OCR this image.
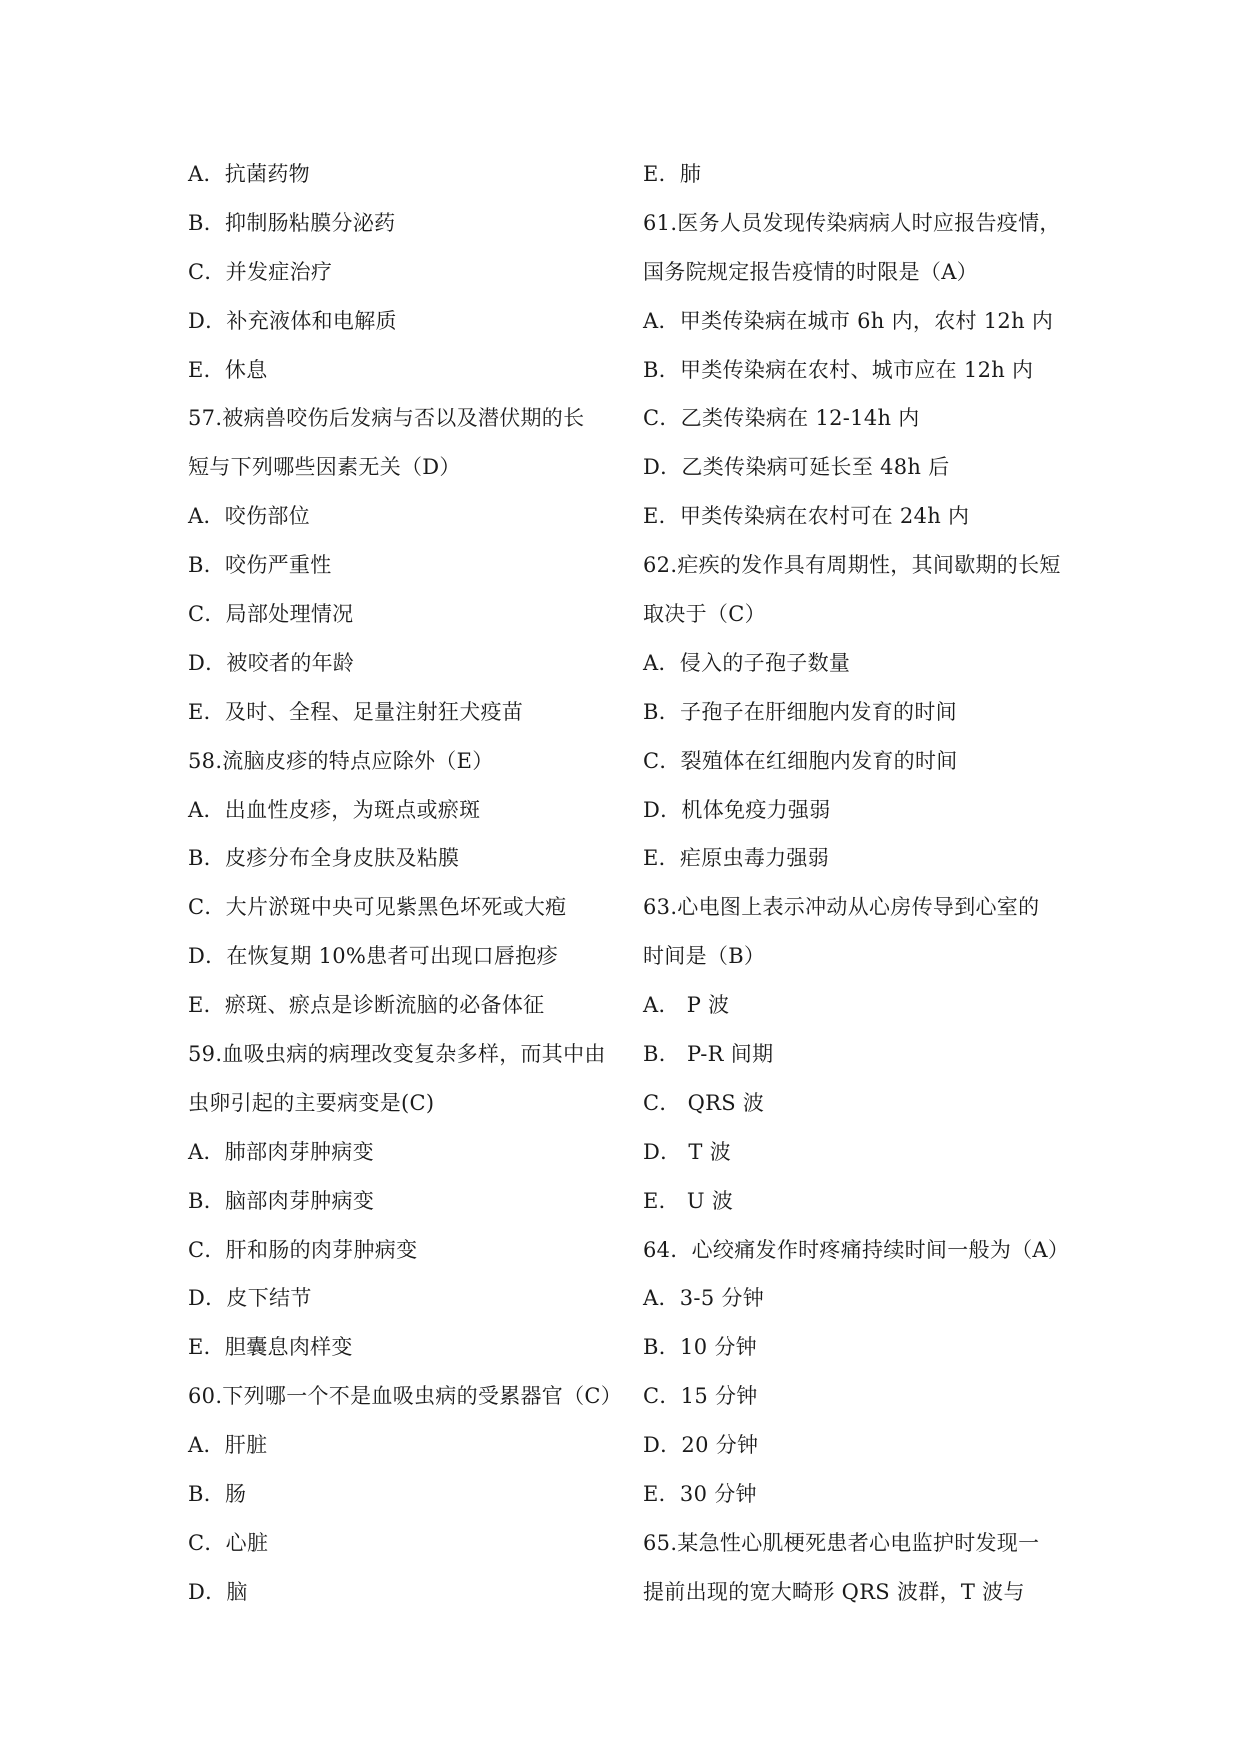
A．抗菌药物
B．抑制肠粘膜分泌药
C．并发症治疗
D．补充液体和电解质
E．休息
57.被病兽咬伤后发病与否以及潜伏期的长
短与下列哪些因素无关（D）
A．咬伤部位
B．咬伤严重性
C．局部处理情况
D．被咬者的年龄
E．及时、全程、足量注射狂犬疫苗
58.流脑皮疹的特点应除外（E）
A．出血性皮疹，为斑点或瘀斑
B．皮疹分布全身皮肤及粘膜
C．大片淤斑中央可见紫黑色坏死或大疱
D．在恢复期 10%患者可出现口唇抱疹
E．瘀斑、瘀点是诊断流脑的必备体征
59.血吸虫病的病理改变复杂多样，而其中由
虫卵引起的主要病变是(C)
A．肺部肉芽肿病变
B．脑部肉芽肿病变
C．肝和肠的肉芽肿病变
D．皮下结节
E．胆囊息肉样变
60.下列哪一个不是血吸虫病的受累器官（C）
A．肝脏
B．肠
C．心脏
D．脑
E．肺
61.医务人员发现传染病病人时应报告疫情，
国务院规定报告疫情的时限是（A）
A．甲类传染病在城市 6h 内，农村 12h 内
B．甲类传染病在农村、城市应在 12h 内
C．乙类传染病在 12-14h 内
D．乙类传染病可延长至 48h 后
E．甲类传染病在农村可在 24h 内
62.疟疾的发作具有周期性，其间歇期的长短
取决于（C）
A．侵入的子孢子数量
B．子孢子在肝细胞内发育的时间
C．裂殖体在红细胞内发育的时间
D．机体免疫力强弱
E．疟原虫毒力强弱
63.心电图上表示冲动从心房传导到心室的
时间是（B）
A． P 波
B． P-R 间期
C． QRS 波
D． T 波
E． U 波
64．心绞痛发作时疼痛持续时间一般为（A）
A．3-5 分钟
B．10 分钟
C．15 分钟
D．20 分钟
E．30 分钟
65.某急性心肌梗死患者心电监护时发现一
提前出现的宽大畸形 QRS 波群，T 波与
